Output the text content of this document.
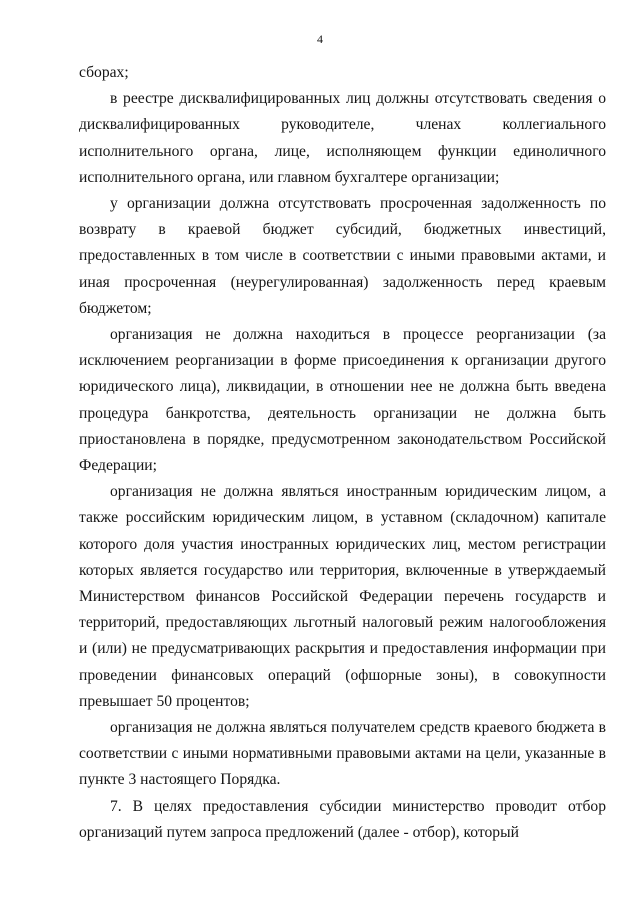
4

сборах;

в реестре дисквалифицированных лиц должны отсутствовать сведения о дисквалифицированных руководителе, членах коллегиального исполнительного органа, лице, исполняющем функции единоличного исполнительного органа, или главном бухгалтере организации;

у организации должна отсутствовать просроченная задолженность по возврату в краевой бюджет субсидий, бюджетных инвестиций, предоставленных в том числе в соответствии с иными правовыми актами, и иная просроченная (неурегулированная) задолженность перед краевым бюджетом;

организация не должна находиться в процессе реорганизации (за исключением реорганизации в форме присоединения к организации другого юридического лица), ликвидации, в отношении нее не должна быть введена процедура банкротства, деятельность организации не должна быть приостановлена в порядке, предусмотренном законодательством Российской Федерации;

организация не должна являться иностранным юридическим лицом, а также российским юридическим лицом, в уставном (складочном) капитале которого доля участия иностранных юридических лиц, местом регистрации которых является государство или территория, включенные в утверждаемый Министерством финансов Российской Федерации перечень государств и территорий, предоставляющих льготный налоговый режим налогообложения и (или) не предусматривающих раскрытия и предоставления информации при проведении финансовых операций (офшорные зоны), в совокупности превышает 50 процентов;

организация не должна являться получателем средств краевого бюджета в соответствии с иными нормативными правовыми актами на цели, указанные в пункте 3 настоящего Порядка.

7. В целях предоставления субсидии министерство проводит отбор организаций путем запроса предложений (далее - отбор), который
